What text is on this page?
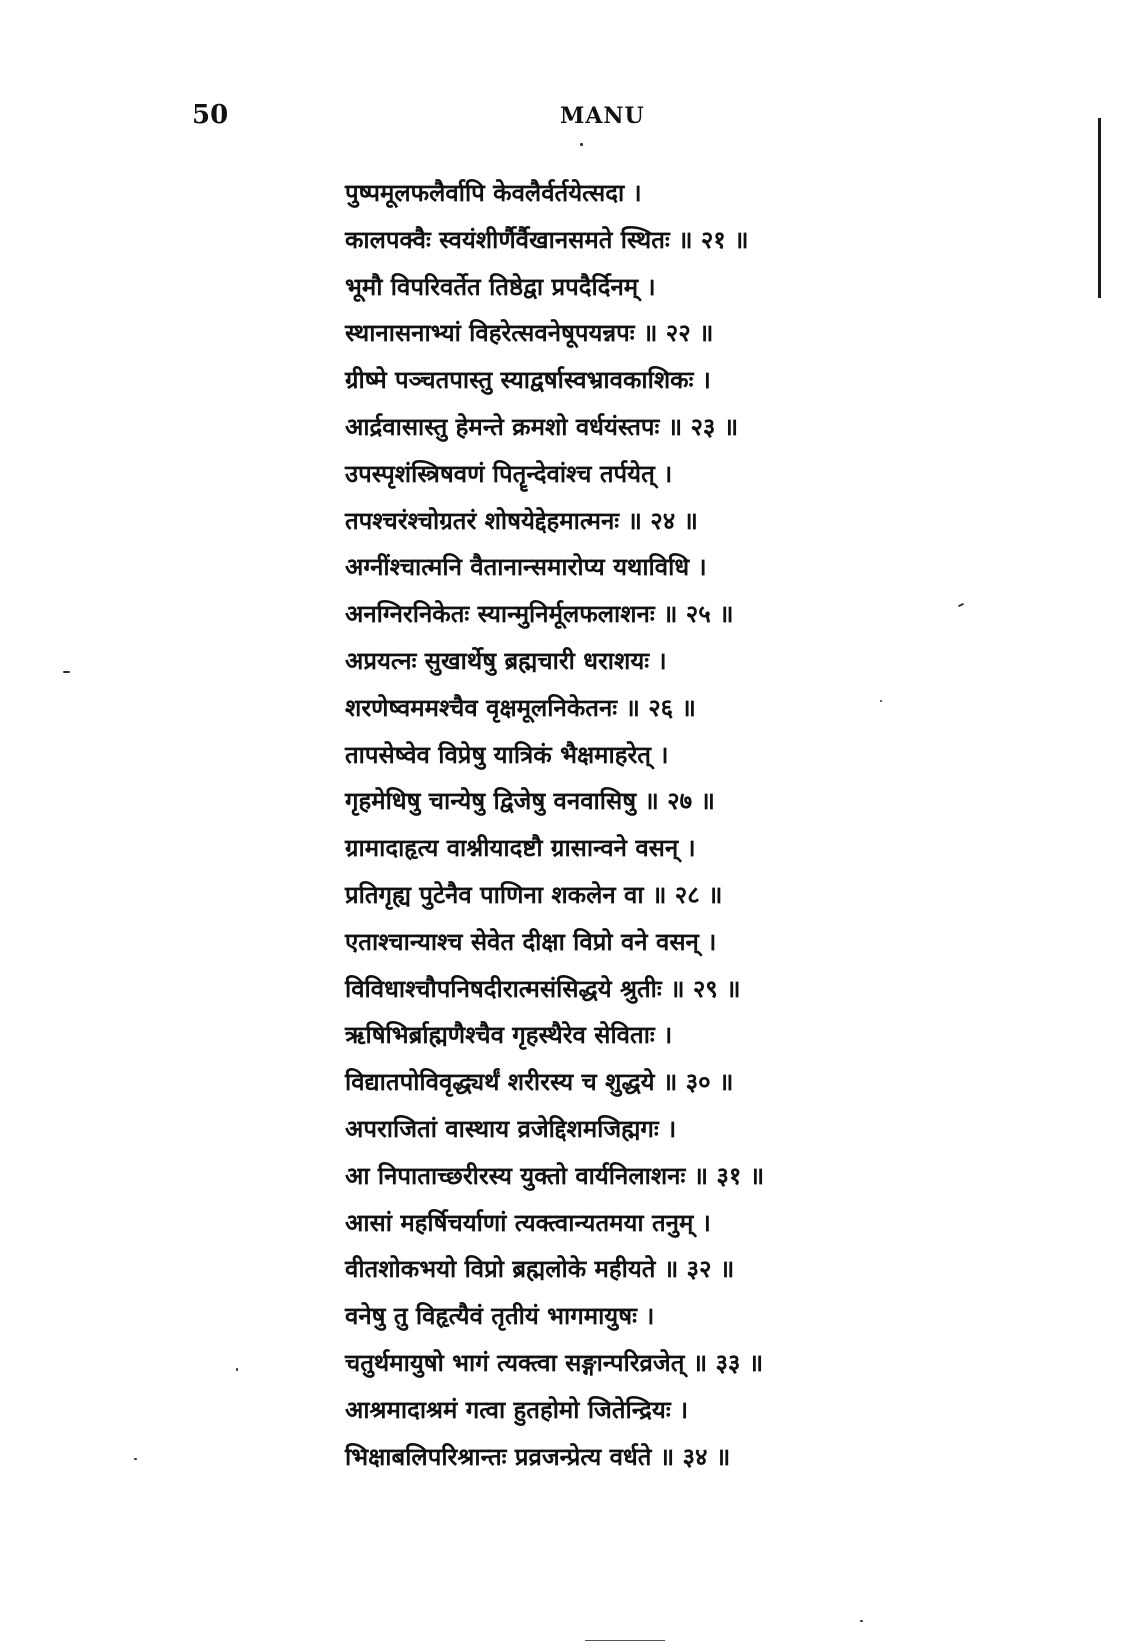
50	MANU
पुष्पमूलफलैर्वापि केवलैर्वर्तयेत्सदा ।
कालपक्वैः स्वयंशीर्णैर्वैखानसमते स्थितः ॥ २१ ॥
भूमौ विपरिवर्तेत तिष्ठेद्वा प्रपदैर्दिनम् ।
स्थानासनाभ्यां विहरेत्सवनेषूपयन्नपः ॥ २२ ॥
ग्रीष्मे पञ्चतपास्तु स्याद्वर्षास्वभ्रावकाशिकः ।
आर्द्रवासास्तु हेमन्ते क्रमशो वर्धयंस्तपः ॥ २३ ॥
उपस्पृशंस्त्रिषवणं पितॄन्देवांश्च तर्पयेत् ।
तपश्चरंश्चोग्रतरं शोषयेद्देहमात्मनः ॥ २४ ॥
अग्नींश्चात्मनि वैतानान्समारोप्य यथाविधि ।
अनग्निरनिकेतः स्यान्मुनिर्मूलफलाशनः ॥ २५ ॥
अप्रयत्नः सुखार्थेषु ब्रह्मचारी धराशयः ।
शरणेष्वममश्चैव वृक्षमूलनिकेतनः ॥ २६ ॥
तापसेष्वेव विप्रेषु यात्रिकं भैक्षमाहरेत् ।
गृहमेधिषु चान्येषु द्विजेषु वनवासिषु ॥ २७ ॥
ग्रामादाहृत्य वाश्नीयादष्टौ ग्रासान्वने वसन् ।
प्रतिगृह्य पुटेनैव पाणिना शकलेन वा ॥ २८ ॥
एताश्चान्याश्च सेवेत दीक्षा विप्रो वने वसन् ।
विविधाश्चौपनिषदीरात्मसंसिद्धये श्रुतीः ॥ २९ ॥
ऋषिभिर्ब्राह्मणैश्चैव गृहस्थैरेव सेविताः ।
विद्यातपोविवृद्ध्यर्थं शरीरस्य च शुद्धये ॥ ३० ॥
अपराजितां वास्थाय व्रजेद्दिशमजिह्मगः ।
आ निपाताच्छरीरस्य युक्तो वार्यनिलाशनः ॥ ३१ ॥
आसां महर्षिचर्याणां त्यक्त्वान्यतमया तनुम् ।
वीतशोकभयो विप्रो ब्रह्मलोके महीयते ॥ ३२ ॥
वनेषु तु विहृत्यैवं तृतीयं भागमायुषः ।
चतुर्थमायुषो भागं त्यक्त्वा सङ्गान्परिव्रजेत् ॥ ३३ ॥
आश्रमादाश्रमं गत्वा हुतहोमो जितेन्द्रियः ।
भिक्षाबलिपरिश्रान्तः प्रव्रजन्प्रेत्य वर्धते ॥ ३४ ॥
